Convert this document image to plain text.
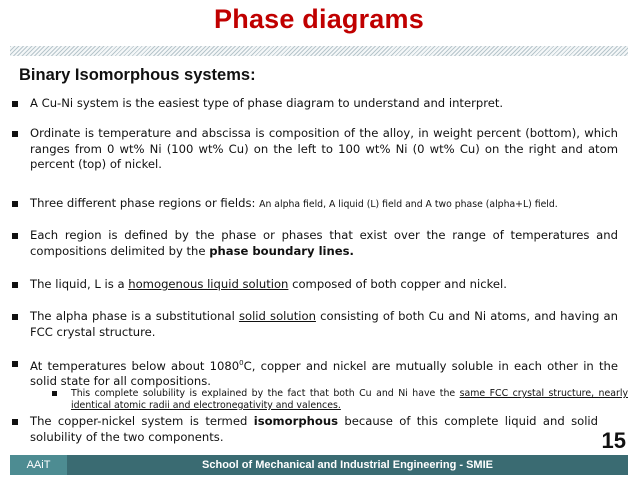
Phase diagrams
Binary Isomorphous systems:
A Cu-Ni system is the easiest type of phase diagram to understand and interpret.
Ordinate is temperature and abscissa is composition of the alloy, in weight percent (bottom), which ranges from 0 wt% Ni (100 wt% Cu) on the left to 100 wt% Ni (0 wt% Cu) on the right and atom percent (top) of nickel.
Three different phase regions or fields: An alpha field, A liquid (L) field and A two phase (alpha+L) field.
Each region is defined by the phase or phases that exist over the range of temperatures and compositions delimited by the phase boundary lines.
The liquid, L is a homogenous liquid solution composed of both copper and nickel.
The alpha phase is a substitutional solid solution consisting of both Cu and Ni atoms, and having an FCC crystal structure.
At temperatures below about 1080$^0$C, copper and nickel are mutually soluble in each other in the solid state for all compositions.
This complete solubility is explained by the fact that both Cu and Ni have the same FCC crystal structure, nearly identical atomic radii and electronegativity and valences.
The copper-nickel system is termed isomorphous because of this complete liquid and solid solubility of the two components.	15
AAiT	School of Mechanical and Industrial Engineering - SMIE
